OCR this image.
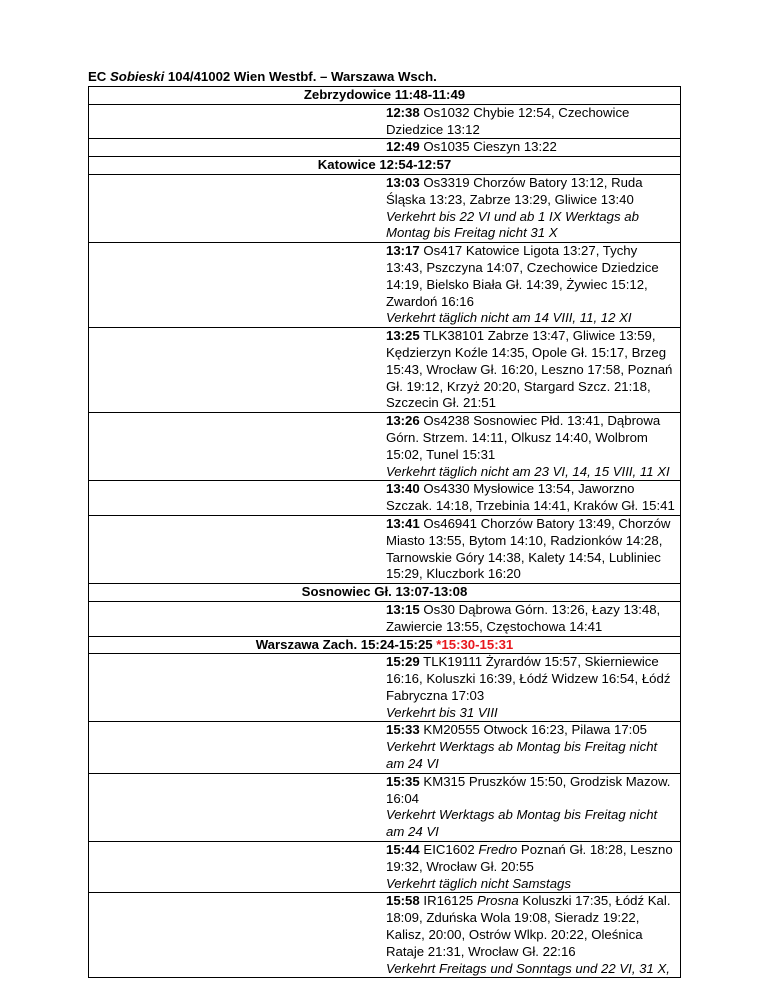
EC Sobieski 104/41002 Wien Westbf. – Warszawa Wsch.
Zebrzydowice 11:48-11:49
12:38 Os1032 Chybie 12:54, Czechowice Dziedzice 13:12
12:49 Os1035 Cieszyn 13:22
Katowice 12:54-12:57
13:03 Os3319 Chorzów Batory 13:12, Ruda Śląska 13:23, Zabrze 13:29, Gliwice 13:40
Verkehrt bis 22 VI und ab 1 IX Werktags ab Montag bis Freitag nicht 31 X

13:17 Os417 Katowice Ligota 13:27, Tychy 13:43, Pszczyna 14:07, Czechowice Dziedzice 14:19, Bielsko Biała Gł. 14:39, Żywiec 15:12, Zwardoń 16:16
Verkehrt täglich nicht am 14 VIII, 11, 12 XI

13:25 TLK38101 Zabrze 13:47, Gliwice 13:59, Kędzierzyn Koźle 14:35, Opole Gł. 15:17, Brzeg 15:43, Wrocław Gł. 16:20, Leszno 17:58, Poznań Gł. 19:12, Krzyż 20:20, Stargard Szcz. 21:18, Szczecin Gł. 21:51
13:26 Os4238 Sosnowiec Płd. 13:41, Dąbrowa Górn. Strzem. 14:11, Olkusz 14:40, Wolbrom 15:02, Tunel 15:31
Verkehrt täglich nicht am 23 VI, 14, 15 VIII, 11 XI

13:40 Os4330 Mysłowice 13:54, Jaworzno Szczak. 14:18, Trzebinia 14:41, Kraków Gł. 15:41
13:41 Os46941 Chorzów Batory 13:49, Chorzów Miasto 13:55, Bytom 14:10, Radzionków 14:28, Tarnowskie Góry 14:38, Kalety 14:54, Lubliniec 15:29, Kluczbork 16:20
Sosnowiec Gł. 13:07-13:08
13:15 Os30 Dąbrowa Górn. 13:26, Łazy 13:48, Zawiercie 13:55, Częstochowa 14:41
Warszawa Zach. 15:24-15:25 *15:30-15:31
15:29 TLK19111 Żyrardów 15:57, Skierniewice 16:16, Koluszki 16:39, Łódź Widzew 16:54, Łódź Fabryczna 17:03
Verkehrt bis 31 VIII

15:33 KM20555 Otwock 16:23, Pilawa 17:05
Verkehrt Werktags ab Montag bis Freitag nicht am 24 VI

15:35 KM315 Pruszków 15:50, Grodzisk Mazow. 16:04
Verkehrt Werktags ab Montag bis Freitag nicht am 24 VI

15:44 EIC1602 Fredro Poznań Gł. 18:28, Leszno 19:32, Wrocław Gł. 20:55
Verkehrt täglich nicht Samstags

15:58 IR16125 Prosna Koluszki 17:35, Łódź Kal. 18:09, Zduńska Wola 19:08, Sieradz 19:22, Kalisz, 20:00, Ostrów Wlkp. 20:22, Oleśnica Rataje 21:31, Wrocław Gł. 22:16
Verkehrt Freitags und Sonntags und 22 VI, 31 X,
